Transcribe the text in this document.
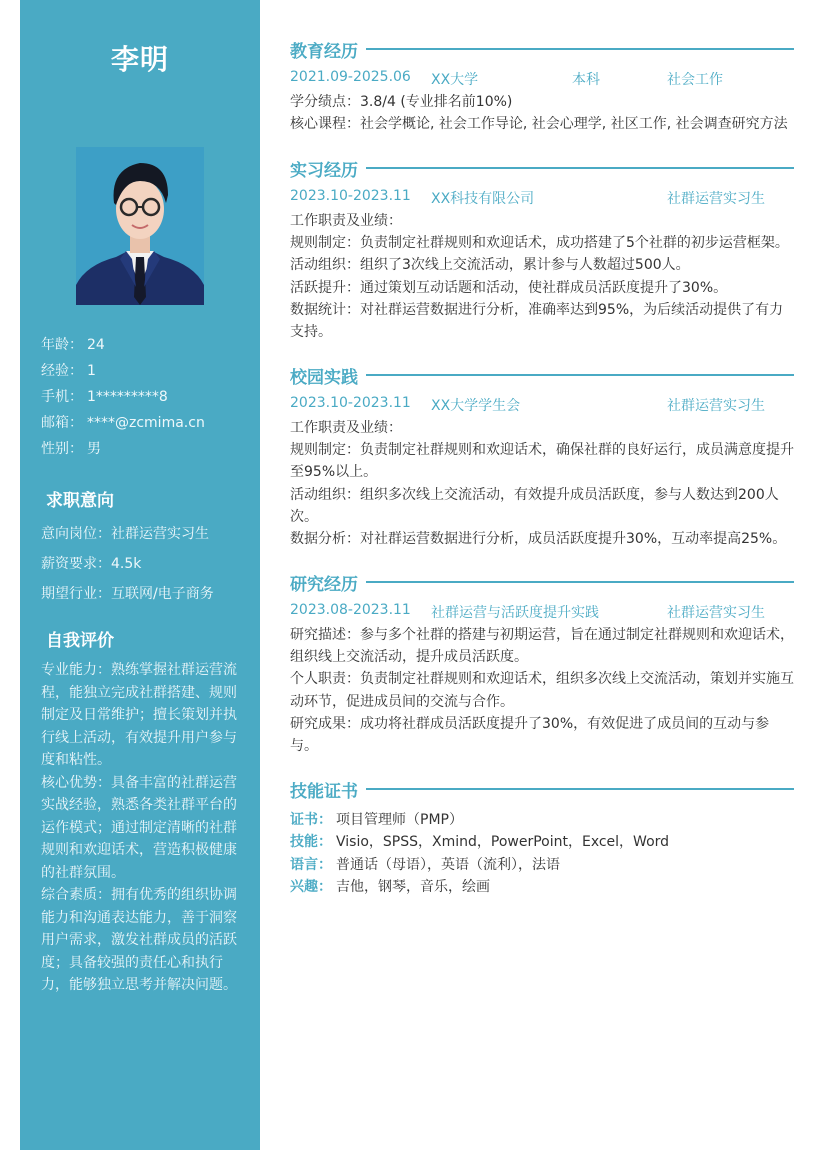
李明
年龄： 24
经验： 1
手机： 1*********8
邮箱： ****@zcmima.cn
性别： 男
求职意向
意向岗位：社群运营实习生
薪资要求：4.5k
期望行业：互联网/电子商务
自我评价

专业能力：熟练掌握社群运营流程，能独立完成社群搭建、规则制定及日常维护；擅长策划并执行线上活动，有效提升用户参与度和粘性。

核心优势：具备丰富的社群运营实战经验，熟悉各类社群平台的运作模式；通过制定清晰的社群规则和欢迎话术，营造积极健康的社群氛围。

综合素质：拥有优秀的组织协调能力和沟通表达能力，善于洞察用户需求，激发社群成员的活跃度；具备较强的责任心和执行力，能够独立思考并解决问题。

教育经历
2021.09-2025.06 XX大学	本科	社会工作

学分绩点：3.8/4 (专业排名前10%)

核心课程：社会学概论, 社会工作导论, 社会心理学, 社区工作, 社会调查研究方法

实习经历
2023.10-2023.11 XX科技有限公司	社群运营实习生

工作职责及业绩：

规则制定：负责制定社群规则和欢迎话术，成功搭建了5个社群的初步运营框架。

活动组织：组织了3次线上交流活动，累计参与人数超过500人。

活跃提升：通过策划互动话题和活动，使社群成员活跃度提升了30%。

数据统计：对社群运营数据进行分析，准确率达到95%，为后续活动提供了有力支持。

校园实践
2023.10-2023.11 XX大学学生会	社群运营实习生

工作职责及业绩：

规则制定：负责制定社群规则和欢迎话术，确保社群的良好运行，成员满意度提升至95%以上。

活动组织：组织多次线上交流活动，有效提升成员活跃度，参与人数达到200人次。

数据分析：对社群运营数据进行分析，成员活跃度提升30%，互动率提高25%。

研究经历
2023.08-2023.11 社群运营与活跃度提升实践	社群运营实习生

研究描述：参与多个社群的搭建与初期运营，旨在通过制定社群规则和欢迎话术，组织线上交流活动，提升成员活跃度。

个人职责：负责制定社群规则和欢迎话术，组织多次线上交流活动，策划并实施互动环节，促进成员间的交流与合作。

研究成果：成功将社群成员活跃度提升了30%，有效促进了成员间的互动与参与。

技能证书
证书： 项目管理师（PMP）
技能： Visio，SPSS，Xmind，PowerPoint，Excel，Word
语言： 普通话（母语），英语（流利），法语
兴趣： 吉他，钢琴，音乐，绘画
